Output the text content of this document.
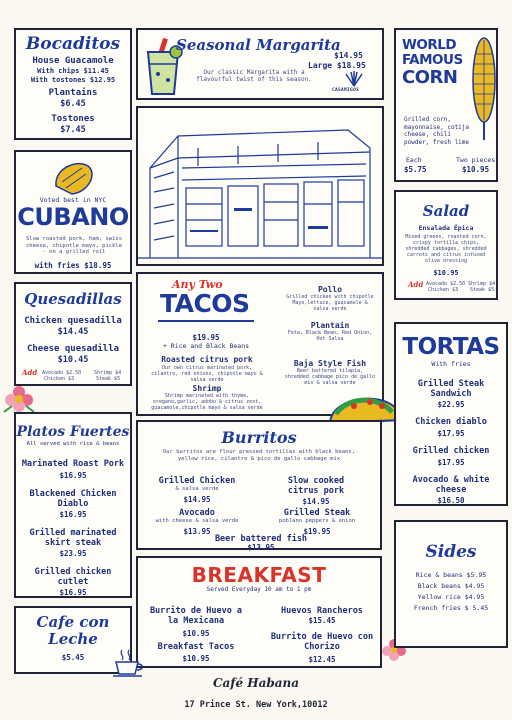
Bocaditos
House Guacamole
With chips $11.45
With tostones $12.95
Plantains
$6.45
Tostones
$7.45
Seasonal Margarita
$14.95
Large $18.95
Our classic Margarita with a flavourful twist of this season.
CASAMIGOS
WORLD
FAMOUS
CORN
Grilled corn, mayonnaise, cotija cheese, chili powder, fresh lime
Each
$5.75
Two pieces
$10.95
Voted best in NYC
CUBANO
Slow roasted pork, ham, swiss cheese, chipotle mayo, pickle - on a grilled roll
with fries $18.95
Salad
Ensalada Épica
Mixed greens, roasted corn, crispy tortilla chips, shredded cabbages, shredded carrots and citrus infused olive dressing
$10.95
Add Avocado $2.50
Chicken $3
Shrimp $4
Steak $5
Quesadillas
Chicken quesadilla
$14.45
Cheese quesadilla
$10.45
Add Avocado $2.50
Chicken $3
Shrimp $4
Steak $5
Any Two
TACOS
$19.95
+ Rice and Black Beans
Roasted citrus pork
Our own citrus marinated pork, cilantro, red onions, chipotle mayo & salsa verde
Shrimp
Shrimp marinated with thyme, oregano,garlic, adobo & citrus zest, guacamole,chipotle mayo & salsa verde
Pollo
Grilled chicken with chipotle Mayo,lettuce, guacamole & salsa verde
Plantain
Feta, Black Bean, Red Onion, Hot Salsa
Baja Style Fish
Beer battered tilapia, shredded cabbage pico de gallo mix & salsa verde
TORTAS
With fries
Grilled Steak Sandwich
$22.95
Chicken diablo
$17.95
Grilled chicken
$17.95
Avocado & white cheese
$16.50
Platos Fuertes
All served with rice & beans
Marinated Roast Pork
$16.95
Blackened Chicken Diablo
$16.95
Grilled marinated skirt steak
$23.95
Grilled chicken cutlet
$16.95
Burritos
Our burritos are flour pressed tortillas with black beans, yellow rice, cilantro & pico de gallo cabbage mix
Grilled Chicken
& salsa verde
$14.95
Slow cooked citrus pork
$14.95
Avocado
with cheese & salsa verde
$13.95
Grilled Steak
poblano peppers & onion
$19.95
Beer battered fish
$13.95
BREAKFAST
Served Everyday 10 am to 1 pm
Burrito de Huevo a la Mexicana
$10.95
Huevos Rancheros
$15.45
Breakfast Tacos
$10.95
Burrito de Huevo con Chorizo
$12.45
Sides
Rice & beans $5.95
Black beans $4.95
Yellow rice $4.95
French fries $ 5.45
Cafe con
Leche
$5.45
Café Habana
17 Prince St. New York,10012
